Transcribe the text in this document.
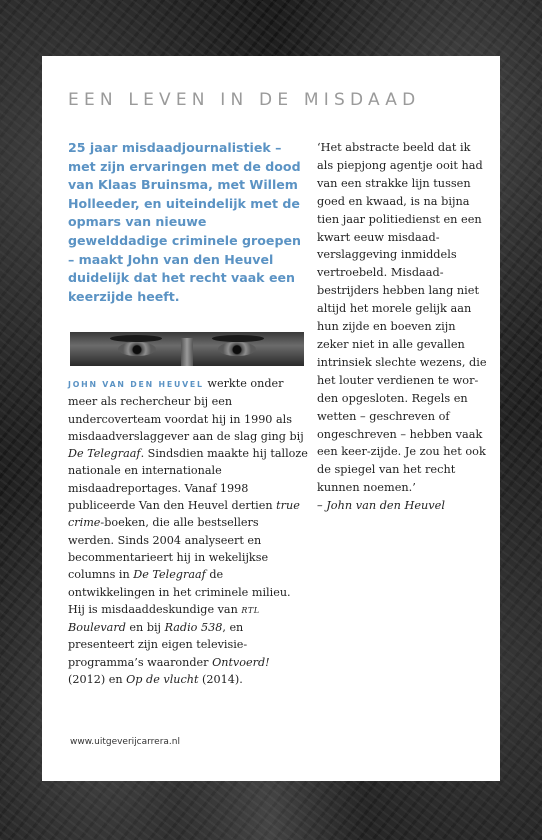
EEN LEVEN IN DE MISDAAD

25 jaar misdaadjournalistiek – met zijn ervaringen met de dood van Klaas Bruinsma, met Willem Holleeder, en uiteindelijk met de opmars van nieuwe gewelddadige criminele groepen – maakt John van den Heuvel duidelijk dat het recht vaak een keerzijde heeft.

JOHN VAN DEN HEUVEL werkte onder meer als rechercheur bij een undercoverteam voordat hij in 1990 als misdaadverslaggever aan de slag ging bij De Telegraaf. Sindsdien maakte hij talloze nationale en internationale misdaadreportages. Vanaf 1998 publiceerde Van den Heuvel dertien true crime-boeken, die alle bestsellers werden. Sinds 2004 analyseert en becommentarieert hij in wekelijkse columns in De Telegraaf de ontwikkelingen in het criminele milieu. Hij is misdaaddeskundige van RTL Boulevard en bij Radio 538, en presenteert zijn eigen televisie-programma’s waaronder Ontvoerd! (2012) en Op de vlucht (2014).

‘Het abstracte beeld dat ik als piepjong agentje ooit had van een strakke lijn tussen goed en kwaad, is na bijna tien jaar politiedienst en een kwart eeuw misdaad-verslaggeving inmiddels vertroebeld. Misdaad-bestrijders hebben lang niet altijd het morele gelijk aan hun zijde en boeven zijn zeker niet in alle gevallen intrinsiek slechte wezens, die het louter verdienen te wor-den opgesloten. Regels en wetten – geschreven of ongeschreven – hebben vaak een keer-zijde. Je zou het ook de spiegel van het recht kunnen noemen.’
– John van den Heuvel

www.uitgeverijcarrera.nl
